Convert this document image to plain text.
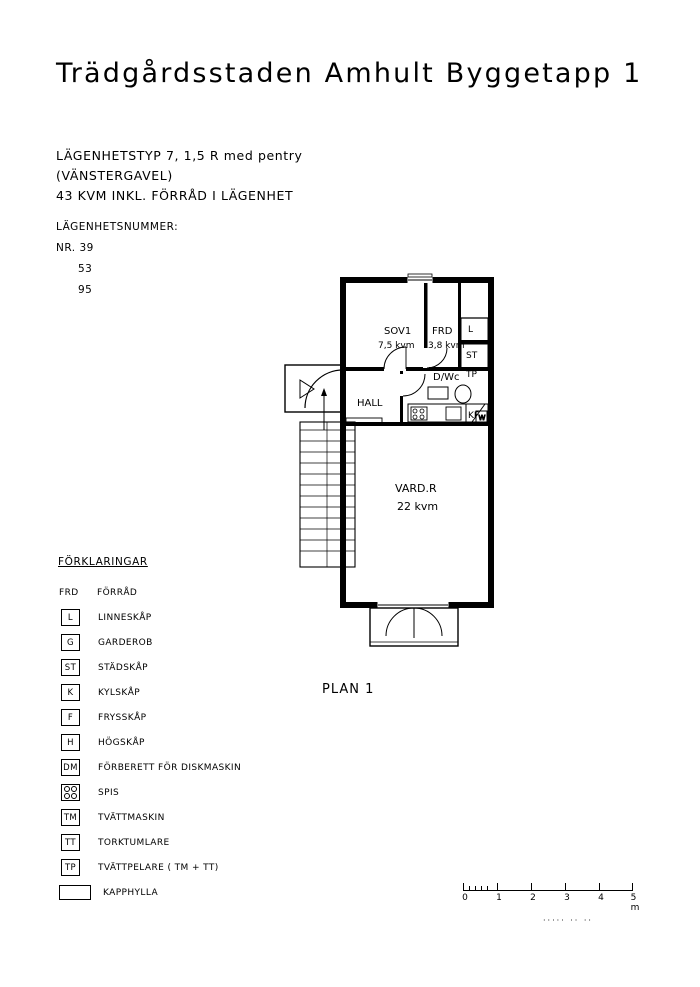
Trädgårdsstaden Amhult Byggetapp 1
LÄGENHETSTYP 7, 1,5 R med pentry
(VÄNSTERGAVEL)
43 KVM INKL. FÖRRÅD I LÄGENHET
LÄGENHETSNUMMER:
NR. 39
53
95
FÖRKLARINGAR
FRD	FÖRRÅD
L	LINNESKÅP
G	GARDEROB
ST	STÄDSKÅP
K	KYLSKÅP
F	FRYSSKÅP
H	HÖGSKÅP
DM	FÖRBERETT FÖR DISKMASKIN
SPIS
TM	TVÄTTMASKIN
TT	TORKTUMLARE
TP	TVÄTTPELARE ( TM + TT)
KAPPHYLLA
PLAN 1
W
SOV1
7,5 kvm
FRD
3,8 kvm
HALL
D/Wc
VARD.R
22 kvm
L
ST
TP
KF
0	1	2	3	4	5 m
····· ·· ··
